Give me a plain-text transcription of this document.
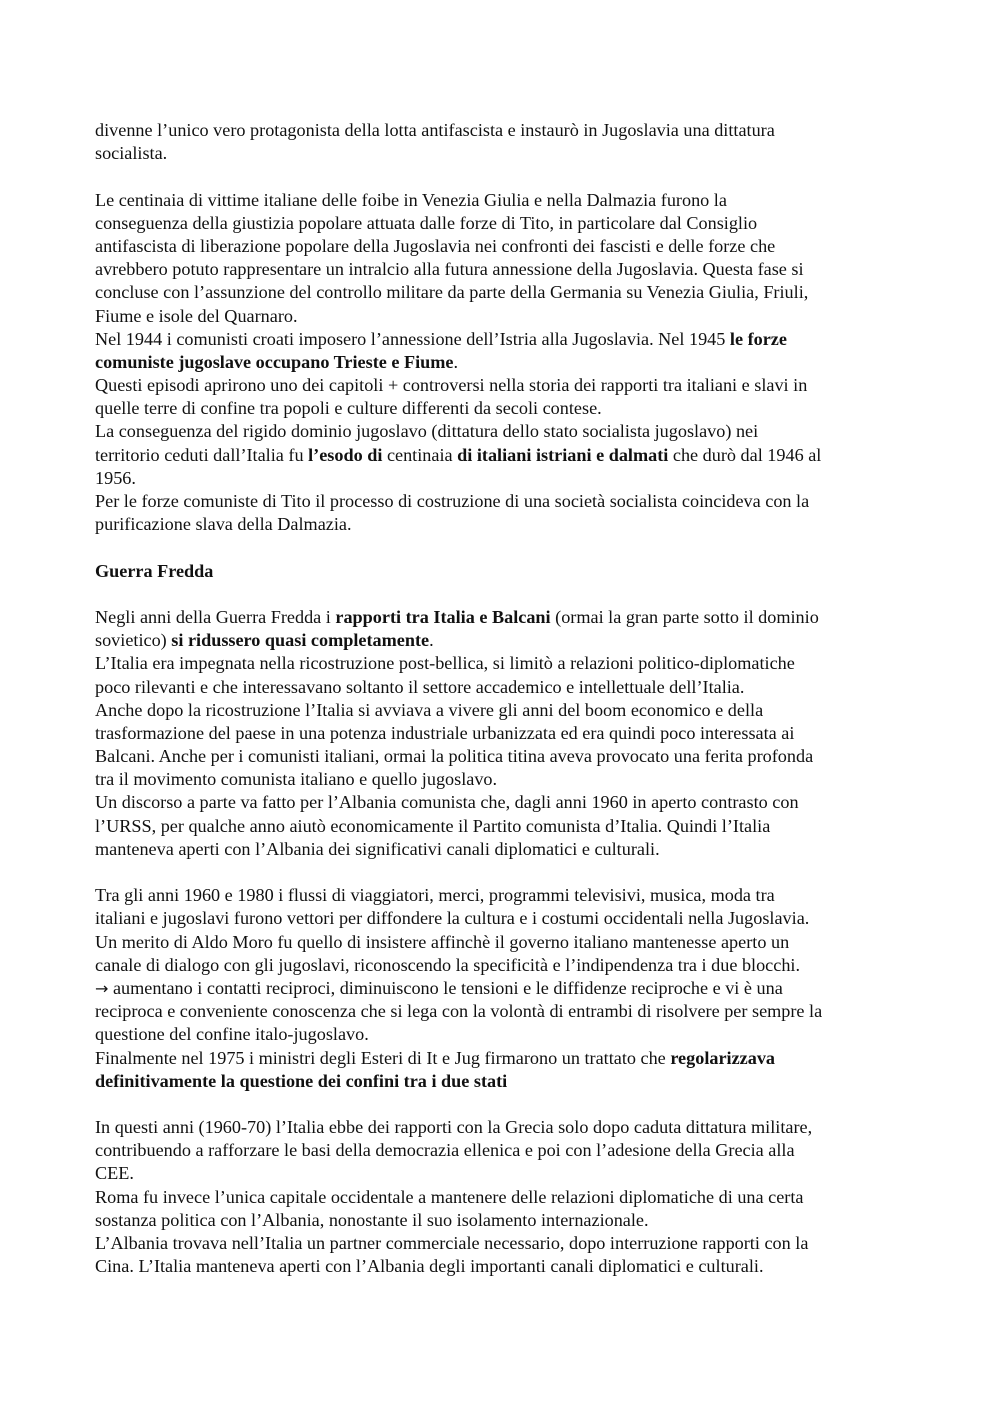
divenne l’unico vero protagonista della lotta antifascista e instaurò in Jugoslavia una dittatura
socialista.
Le centinaia di vittime italiane delle foibe in Venezia Giulia e nella Dalmazia furono la
conseguenza della giustizia popolare attuata dalle forze di Tito, in particolare dal Consiglio
antifascista di liberazione popolare della Jugoslavia nei confronti dei fascisti e delle forze che
avrebbero potuto rappresentare un intralcio alla futura annessione della Jugoslavia. Questa fase si
concluse con l’assunzione del controllo militare da parte della Germania su Venezia Giulia, Friuli,
Fiume e isole del Quarnaro.
Nel 1944 i comunisti croati imposero l’annessione dell’Istria alla Jugoslavia. Nel 1945 le forze
comuniste jugoslave occupano Trieste e Fiume.
Questi episodi aprirono uno dei capitoli + controversi nella storia dei rapporti tra italiani e slavi in
quelle terre di confine tra popoli e culture differenti da secoli contese.
La conseguenza del rigido dominio jugoslavo (dittatura dello stato socialista jugoslavo) nei
territorio ceduti dall’Italia fu l’esodo di centinaia di italiani istriani e dalmati che durò dal 1946 al
1956.
Per le forze comuniste di Tito il processo di costruzione di una società socialista coincideva con la
purificazione slava della Dalmazia.
Guerra Fredda
Negli anni della Guerra Fredda i rapporti tra Italia e Balcani (ormai la gran parte sotto il dominio
sovietico) si ridussero quasi completamente.
L’Italia era impegnata nella ricostruzione post-bellica, si limitò a relazioni politico-diplomatiche
poco rilevanti e che interessavano soltanto il settore accademico e intellettuale dell’Italia.
Anche dopo la ricostruzione l’Italia si avviava a vivere gli anni del boom economico e della
trasformazione del paese in una potenza industriale urbanizzata ed era quindi poco interessata ai
Balcani. Anche per i comunisti italiani, ormai la politica titina aveva provocato una ferita profonda
tra il movimento comunista italiano e quello jugoslavo.
Un discorso a parte va fatto per l’Albania comunista che, dagli anni 1960 in aperto contrasto con
l’URSS, per qualche anno aiutò economicamente il Partito comunista d’Italia. Quindi l’Italia
manteneva aperti con l’Albania dei significativi canali diplomatici e culturali.
Tra gli anni 1960 e 1980 i flussi di viaggiatori, merci, programmi televisivi, musica, moda tra
italiani e jugoslavi furono vettori per diffondere la cultura e i costumi occidentali nella Jugoslavia.
Un merito di Aldo Moro fu quello di insistere affinchè il governo italiano mantenesse aperto un
canale di dialogo con gli jugoslavi, riconoscendo la specificità e l’indipendenza tra i due blocchi.
→ aumentano i contatti reciproci, diminuiscono le tensioni e le diffidenze reciproche e vi è una
reciproca e conveniente conoscenza che si lega con la volontà di entrambi di risolvere per sempre la
questione del confine italo-jugoslavo.
Finalmente nel 1975 i ministri degli Esteri di It e Jug firmarono un trattato che regolarizzava
definitivamente la questione dei confini tra i due stati
In questi anni (1960-70) l’Italia ebbe dei rapporti con la Grecia solo dopo caduta dittatura militare,
contribuendo a rafforzare le basi della democrazia ellenica e poi con l’adesione della Grecia alla
CEE.
Roma fu invece l’unica capitale occidentale a mantenere delle relazioni diplomatiche di una certa
sostanza politica con l’Albania, nonostante il suo isolamento internazionale.
L’Albania trovava nell’Italia un partner commerciale necessario, dopo interruzione rapporti con la
Cina. L’Italia manteneva aperti con l’Albania degli importanti canali diplomatici e culturali.
